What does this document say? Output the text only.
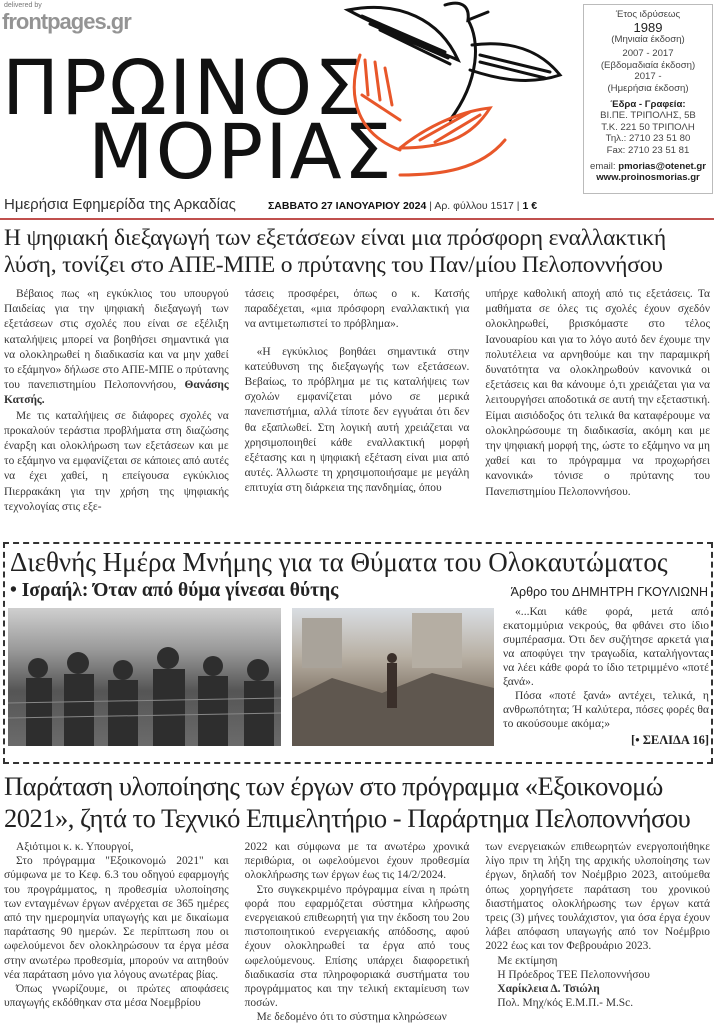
ΠΡΩΙΝΟΣ
ΜΟΡΙΑΣ
Έτος ιδρύσεως
1989
(Μηνιαία έκδοση)
2007 - 2017
(Εβδομαδιαία έκδοση)
2017 -
(Ημερήσια έκδοση)
Έδρα - Γραφεία:
ΒΙ.ΠΕ. ΤΡΙΠΟΛΗΣ, 5Β
Τ.Κ. 221 50 ΤΡΙΠΟΛΗ
Τηλ.: 2710 23 51 80
Fax: 2710 23 51 81
email: pmorias@otenet.gr
www.proinosmorias.gr
Ημερήσια Εφημερίδα της Αρκαδίας	ΣΑΒΒΑΤΟ 27 ΙΑΝΟΥΑΡΙΟΥ 2024 | Αρ. φύλλου 1517 | 1 €
Η ψηφιακή διεξαγωγή των εξετάσεων είναι μια πρόσφορη εναλλακτική λύση, τονίζει στο ΑΠΕ-ΜΠΕ ο πρύτανης του Παν/μίου Πελοποννήσου

Βέβαιος πως «η εγκύκλιος του υπουργού Παιδείας για την ψηφιακή διεξαγωγή των εξετάσεων στις σχολές που είναι σε εξέλιξη καταλήψεις μπορεί να βοηθήσει σημαντικά για να ολοκληρωθεί η διαδικασία και να μην χαθεί το εξάμηνο» δήλωσε στο ΑΠΕ-ΜΠΕ ο πρύτανης του πανεπιστημίου Πελοποννήσου, Θανάσης Κατσής.

Με τις καταλήψεις σε διάφορες σχολές να προκαλούν τεράστια προβλήματα στη διαζώσης έναρξη και ολοκλήρωση των εξετάσεων και με το εξάμηνο να εμφανίζεται σε κάποιες από αυτές να έχει χαθεί, η επείγουσα εγκύκλιος Πιερρακάκη για την χρήση της ψηφιακής τεχνολογίας στις εξε-

τάσεις προσφέρει, όπως ο κ. Κατσής παραδέχεται, «μια πρόσφορη εναλλακτική για να αντιμετωπιστεί το πρόβλημα».

«Η εγκύκλιος βοηθάει σημαντικά στην κατεύθυνση της διεξαγωγής των εξετάσεων. Βεβαίως, το πρόβλημα με τις καταλήψεις των σχολών εμφανίζεται μόνο σε μερικά πανεπιστήμια, αλλά τίποτε δεν εγγυάται ότι δεν θα εξαπλωθεί. Στη λογική αυτή χρειάζεται να χρησιμοποιηθεί κάθε εναλλακτική μορφή εξέτασης και η ψηφιακή εξέταση είναι μια από αυτές. Άλλωστε τη χρησιμοποιήσαμε με μεγάλη επιτυχία στη διάρκεια της πανδημίας, όπου

υπήρχε καθολική αποχή από τις εξετάσεις. Τα μαθήματα σε όλες τις σχολές έχουν σχεδόν ολοκληρωθεί, βρισκόμαστε στο τέλος Ιανουαρίου και για το λόγο αυτό δεν έχουμε την πολυτέλεια να αρνηθούμε και την παραμικρή δυνατότητα να ολοκληρωθούν κανονικά οι εξετάσεις και θα κάνουμε ό,τι χρειάζεται για να λειτουργήσει αποδοτικά σε αυτή την εξεταστική. Είμαι αισιόδοξος ότι τελικά θα καταφέρουμε να ολοκληρώσουμε τη διαδικασία, ακόμη και με την ψηφιακή μορφή της, ώστε το εξάμηνο να μη χαθεί και το πρόγραμμα να προχωρήσει κανονικά» τόνισε ο πρύτανης του Πανεπιστημίου Πελοποννήσου.

Διεθνής Ημέρα Μνήμης για τα Θύματα του Ολοκαυτώματος
• Ισραήλ: Όταν από θύμα γίνεσαι θύτης	Άρθρο του ΔΗΜΗΤΡΗ ΓΚΟΥΛΙΩΝΗ

«...Και κάθε φορά, μετά από εκατομμύρια νεκρούς, θα φθάνει στο ίδιο συμπέρασμα. Ότι δεν συζήτησε αρκετά για να αποφύγει την τραγωδία, καταλήγοντας να λέει κάθε φορά το ίδιο τετριμμένο «ποτέ ξανά».

Πόσα «ποτέ ξανά» αντέχει, τελικά, η ανθρωπότητα; Ή καλύτερα, πόσες φορές θα το ακούσουμε ακόμα;»

[• ΣΕΛΙΔΑ 16]
Παράταση υλοποίησης των έργων στο πρόγραμμα «Εξοικονομώ 2021», ζητά το Τεχνικό Επιμελητήριο - Παράρτημα Πελοποννήσου

Αξιότιμοι κ. κ. Υπουργοί,

Στο πρόγραμμα "Εξοικονομώ 2021" και σύμφωνα με το Κεφ. 6.3 του οδηγού εφαρμογής του προγράμματος, η προθεσμία υλοποίησης των ενταγμένων έργων ανέρχεται σε 365 ημέρες από την ημερομηνία υπαγωγής και με δικαίωμα παράτασης 90 ημερών. Σε περίπτωση που οι ωφελούμενοι δεν ολοκληρώσουν τα έργα μέσα στην ανωτέρω προθεσμία, μπορούν να αιτηθούν νέα παράταση μόνο για λόγους ανωτέρας βίας.

Όπως γνωρίζουμε, οι πρώτες αποφάσεις υπαγωγής εκδόθηκαν στα μέσα Νοεμβρίου

2022 και σύμφωνα με τα ανωτέρω χρονικά περιθώρια, οι ωφελούμενοι έχουν προθεσμία ολοκλήρωσης των έργων έως τις 14/2/2024.

Στο συγκεκριμένο πρόγραμμα είναι η πρώτη φορά που εφαρμόζεται σύστημα κλήρωσης ενεργειακού επιθεωρητή για την έκδοση του 2ου πιστοποιητικού ενεργειακής απόδοσης, αφού έχουν ολοκληρωθεί τα έργα από τους ωφελούμενους. Επίσης υπάρχει διαφορετική διαδικασία στα πληροφοριακά συστήματα του προγράμματος και την τελική εκταμίευση των ποσών.

Με δεδομένο ότι το σύστημα κληρώσεων

των ενεργειακών επιθεωρητών ενεργοποιήθηκε λίγο πριν τη λήξη της αρχικής υλοποίησης των έργων, δηλαδή τον Νοέμβριο 2023, αιτούμεθα όπως χορηγήσετε παράταση του χρονικού διαστήματος ολοκλήρωσης των έργων κατά τρεις (3) μήνες τουλάχιστον, για όσα έργα έχουν λάβει απόφαση υπαγωγής από τον Νοέμβριο 2022 έως και τον Φεβρουάριο 2023.

Με εκτίμηση

Η Πρόεδρος ΤΕΕ Πελοποννήσου

Χαρίκλεια Δ. Τσιώλη

Πολ. Μηχ/κός Ε.Μ.Π.- M.Sc.

delivered by
frontpages.gr
